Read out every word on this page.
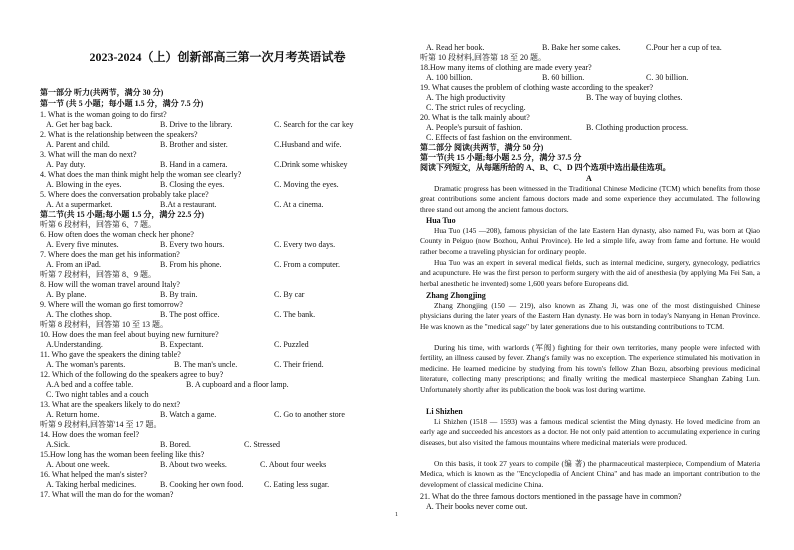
2023-2024（上）创新部高三第一次月考英语试卷
第一部分 听力(共两节，满分 30 分)
第一节 (共 5 小题；每小题 1.5 分，满分 7.5 分)
1. What is the woman going to do first?
A. Get her bag back.	B. Drive to the library.	C. Search for the car key
2. What is the relationship between the speakers?
A. Parent and child.	B. Brother and sister.	C.Husband and wife.
3. What will the man do next?
A. Pay duty.	B. Hand in a camera.	C.Drink some whiskey
4. What does the man think might help the woman see clearly?
A. Blowing in the eyes.	B. Closing the eyes.	C. Moving the eyes.
5. Where does the conversation probably take place?
A. At a supermarket.	B.At a restaurant.	C. At a cinema.
第二节(共 15 小题;每小题 1.5 分，满分 22.5 分)
听第 6 段材料，回答第 6、7 题。
6. How often does the woman check her phone?
A. Every five minutes.	B. Every two hours.	C. Every two days.
7. Where does the man get his information?
A. From an iPad.	B. From his phone.	C. From a computer.
听第 7 段材料，回答第 8、9 题。
8. How will the woman travel around Italy?
A. By plane.	B. By train.	C. By car
9. Where will the woman go first tomorrow?
A. The clothes shop.	B. The post office.	C. The bank.
听第 8 段材料，回答第 10 至 13 题。
10. How does the man feel about buying new furniture?
A.Understanding.	B. Expectant.	C. Puzzled
11. Who gave the speakers the dining table?
A. The woman's parents.	B. The man's uncle.	C. Their friend.
12. Which of the following do the speakers agree to buy?
A.A bed and a coffee table.	B. A cupboard and a floor lamp.
C. Two night tables and a couch
13. What are the speakers likely to do next?
A. Return home.	B. Watch a game.	C. Go to another store
听第 9 段材料,回答第'14 至 17 题。
14. How does the woman feel?
A.Sick.	B. Bored.	C. Stressed
15.How long has the woman been feeling like this?
A. About one week.	B. About two weeks.	C. About four weeks
16. What helped the man's sister?
A. Taking herbal medicines.	B. Cooking her own food.	C. Eating less sugar.
17. What will the man do for the woman?
A. Read her book.	B. Bake her some cakes.	C.Pour her a cup of tea.
听第 10 段材料,回答第 18 至 20 题。
18.How many items of clothing are made every year?
A. 100 billion.	B. 60 billion.	C. 30 billion.
19. What causes the problem of clothing waste according to the speaker?
A. The high productivity	B. The way of buying clothes.
C. The strict rules of recycling.
20. What is the talk mainly about?
A. People's pursuit of fashion.	B. Clothing production process.
C. Effects of fast fashion on the environment.
第二部分 阅读(共两节，满分 50 分)
第一节(共 15 小题;每小题 2.5 分，满分 37.5 分
阅读下列短文，从每题所给的 A、B、C、D 四个选项中选出最佳选项。
A
Dramatic progress has been witnessed in the Traditional Chinese Medicine (TCM) which benefits from those great contributions some ancient famous doctors made and some experience they accumulated. The following three stand out among the ancient famous doctors.
Hua Tuo
Hua Tuo (145 —208), famous physician of the late Eastern Han dynasty, also named Fu, was born at Qiao County in Peiguo (now Bozhou, Anhui Province). He led a simple life, away from fame and fortune. He would rather become a traveling physician for ordinary people.
Hua Tuo was an expert in several medical fields, such as internal medicine, surgery, gynecology, pediatrics and acupuncture. He was the first person to perform surgery with the aid of anesthesia (by applying Ma Fei San, a herbal anesthetic he invented) some 1,600 years before Europeans did.
Zhang Zhongjing
Zhang Zhongjing (150 — 219), also known as Zhang Ji, was one of the most distinguished Chinese physicians during the later years of the Eastern Han dynasty. He was born in today's Nanyang in Henan Province. He was known as the "medical sage" by later generations due to his outstanding contributions to TCM.
During his time, with warlords (军阀) fighting for their own territories, many people were infected with fertility, an illness caused by fever. Zhang's family was no exception. The experience stimulated his motivation in medicine. He learned medicine by studying from his town's fellow Zhan Bozu, absorbing previous medicinal literature, collecting many prescriptions; and finally writing the medical masterpiece Shanghan Zabing Lun. Unfortunately shortly after its publication the book was lost during wartime.
Li Shizhen
Li Shizhen (1518 — 1593) was a famous medical scientist the Ming dynasty. He loved medicine from an early age and succeeded his ancestors as a doctor. He not only paid attention to accumulating experience in curing diseases, but also visited the famous mountains where medicinal materials were produced.
On this basis, it took 27 years to compile (编 著) the pharmaceutical masterpiece, Compendium of Materia Medica, which is known as the "Encyclopedia of Ancient China" and has made an important contribution to the development of classical medicine China.
21. What do the three famous doctors mentioned in the passage have in common?
A. Their books never come out.
1
